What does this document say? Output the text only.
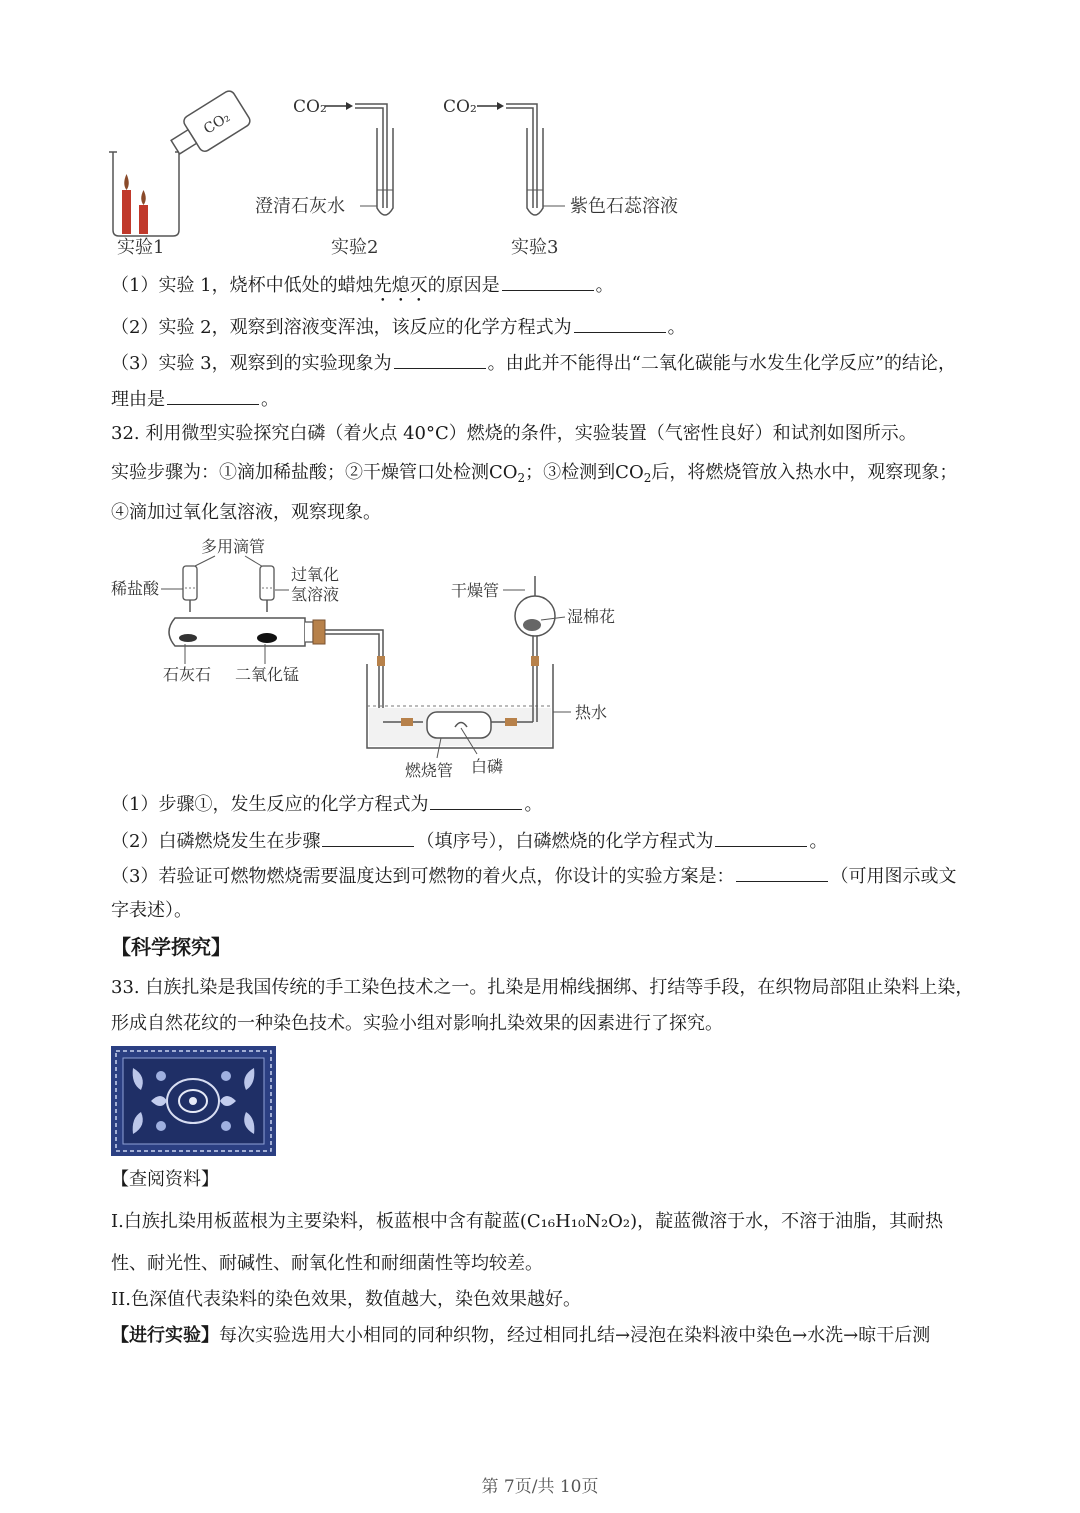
CO₂
实验1
CO₂
澄清石灰水
实验2
CO₂
紫色石蕊溶液
实验3
（1）实验 1，烧杯中低处的蜡烛先熄灭的原因是	。
（2）实验 2，观察到溶液变浑浊，该反应的化学方程式为	。
（3）实验 3，观察到的实验现象为	。由此并不能得出“二氧化碳能与水发生化学反应”的结论，
理由是	。
32. 利用微型实验探究白磷（着火点 40°C）燃烧的条件，实验装置（气密性良好）和试剂如图所示。
实验步骤为：①滴加稀盐酸；②干燥管口处检测$CO_2$；③检测到$CO_2$后，将燃烧管放入热水中，观察现象；
④滴加过氧化氢溶液，观察现象。
多用滴管
稀盐酸
过氧化
氢溶液
石灰石 二氧化锰
干燥管
湿棉花
热水
燃烧管 白磷
（1）步骤①，发生反应的化学方程式为	。
（2）白磷燃烧发生在步骤	（填序号），白磷燃烧的化学方程式为	。
（3）若验证可燃物燃烧需要温度达到可燃物的着火点，你设计的实验方案是：	（可用图示或文
字表述）。
【科学探究】
33. 白族扎染是我国传统的手工染色技术之一。扎染是用棉线捆绑、打结等手段，在织物局部阻止染料上染，
形成自然花纹的一种染色技术。实验小组对影响扎染效果的因素进行了探究。
【查阅资料】
I.白族扎染用板蓝根为主要染料，板蓝根中含有靛蓝(C₁₆H₁₀N₂O₂)，靛蓝微溶于水，不溶于油脂，其耐热
性、耐光性、耐碱性、耐氧化性和耐细菌性等均较差。
II.色深值代表染料的染色效果，数值越大，染色效果越好。
【进行实验】每次实验选用大小相同的同种织物，经过相同扎结→浸泡在染料液中染色→水洗→晾干后测
第 7页/共 10页
